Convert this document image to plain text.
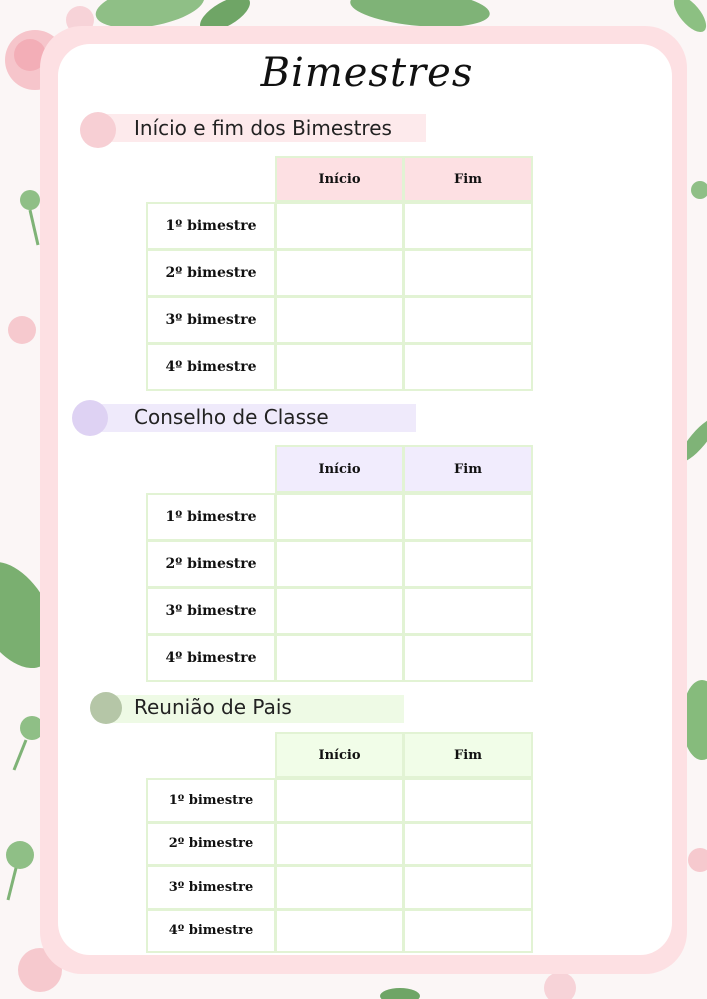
Bimestres
Início e fim dos Bimestres
Início	Fim
1º bimestre
2º bimestre
3º bimestre
4º bimestre
Conselho de Classe
Início	Fim
1º bimestre
2º bimestre
3º bimestre
4º bimestre
Reunião de Pais
Início	Fim
1º bimestre
2º bimestre
3º bimestre
4º bimestre
